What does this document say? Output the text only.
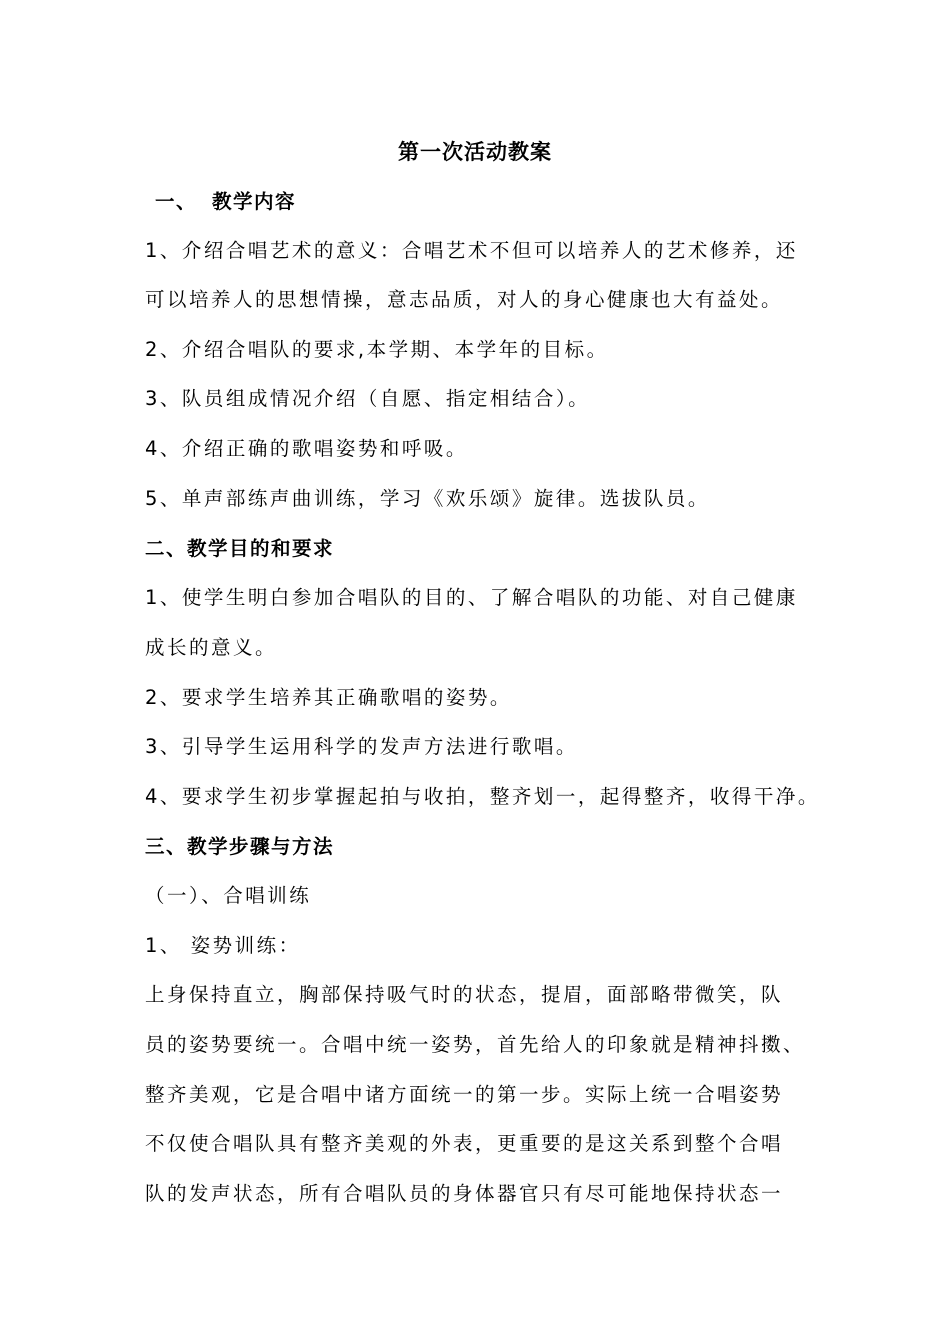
第一次活动教案
一、 教学内容
1、介绍合唱艺术的意义：合唱艺术不但可以培养人的艺术修养，还
可以培养人的思想情操，意志品质，对人的身心健康也大有益处。
2、介绍合唱队的要求,本学期、本学年的目标。
3、队员组成情况介绍（自愿、指定相结合）。
4、介绍正确的歌唱姿势和呼吸。
5、单声部练声曲训练，学习《欢乐颂》旋律。选拔队员。
二、教学目的和要求
1、使学生明白参加合唱队的目的、了解合唱队的功能、对自己健康
成长的意义。
2、要求学生培养其正确歌唱的姿势。
3、引导学生运用科学的发声方法进行歌唱。
4、要求学生初步掌握起拍与收拍，整齐划一，起得整齐，收得干净。
三、教学步骤与方法
（一）、合唱训练
1、 姿势训练：
上身保持直立，胸部保持吸气时的状态，提眉，面部略带微笑，队
员的姿势要统一。合唱中统一姿势，首先给人的印象就是精神抖擞、
整齐美观，它是合唱中诸方面统一的第一步。实际上统一合唱姿势
不仅使合唱队具有整齐美观的外表，更重要的是这关系到整个合唱
队的发声状态，所有合唱队员的身体器官只有尽可能地保持状态一
